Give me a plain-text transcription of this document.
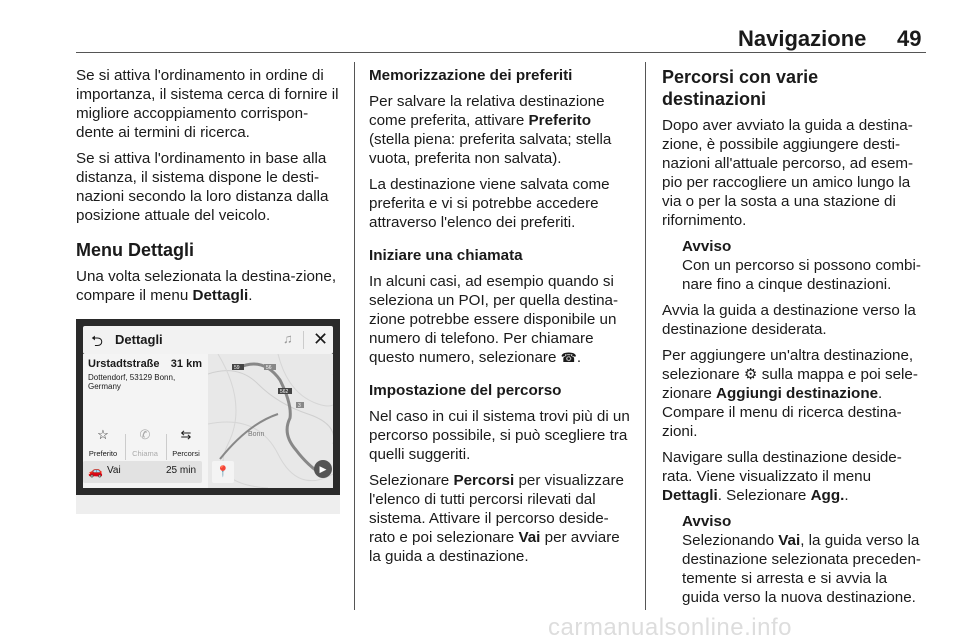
Navigazione 49

Se si attiva l'ordinamento in ordine di importanza, il sistema cerca di fornire il migliore accoppiamento corrispon-dente ai termini di ricerca.

Se si attiva l'ordinamento in base alla distanza, il sistema dispone le desti-nazioni secondo la loro distanza dalla posizione attuale del veicolo.

Menu Dettagli

Una volta selezionata la destina-zione, compare il menu Dettagli.

⮌ Dettagli	♫ ✕
Urstadtstraße 31 km
Dottendorf, 53129 Bonn, Germany
☆
Preferito
✆
Chiama
⇆
Percorsi
🚗 Vai	25 min
59	56
562
3
Bonn
📍	▶

Memorizzazione dei preferiti

Per salvare la relativa destinazione come preferita, attivare Preferito (stella piena: preferita salvata; stella vuota, preferita non salvata).

La destinazione viene salvata come preferita e vi si potrebbe accedere attraverso l'elenco dei preferiti.

Iniziare una chiamata

In alcuni casi, ad esempio quando si seleziona un POI, per quella destina-zione potrebbe essere disponibile un numero di telefono. Per chiamare questo numero, selezionare ☎.

Impostazione del percorso

Nel caso in cui il sistema trovi più di un percorso possibile, si può scegliere tra quelli suggeriti.

Selezionare Percorsi per visualizzare l'elenco di tutti percorsi rilevati dal sistema. Attivare il percorso deside-rato e poi selezionare Vai per avviare la guida a destinazione.

Percorsi con varie destinazioni

Dopo aver avviato la guida a destina-zione, è possibile aggiungere desti-nazioni all'attuale percorso, ad esem-pio per raccogliere un amico lungo la via o per la sosta a una stazione di rifornimento.

Avviso
Con un percorso si possono combi-nare fino a cinque destinazioni.

Avvia la guida a destinazione verso la destinazione desiderata.

Per aggiungere un'altra destinazione, selezionare ⚙ sulla mappa e poi sele-zionare Aggiungi destinazione. Compare il menu di ricerca destina-zioni.

Navigare sulla destinazione deside-rata. Viene visualizzato il menu Dettagli. Selezionare Agg..

Avviso
Selezionando Vai, la guida verso la destinazione selezionata preceden-temente si arresta e si avvia la guida verso la nuova destinazione.
carmanualsonline.info
